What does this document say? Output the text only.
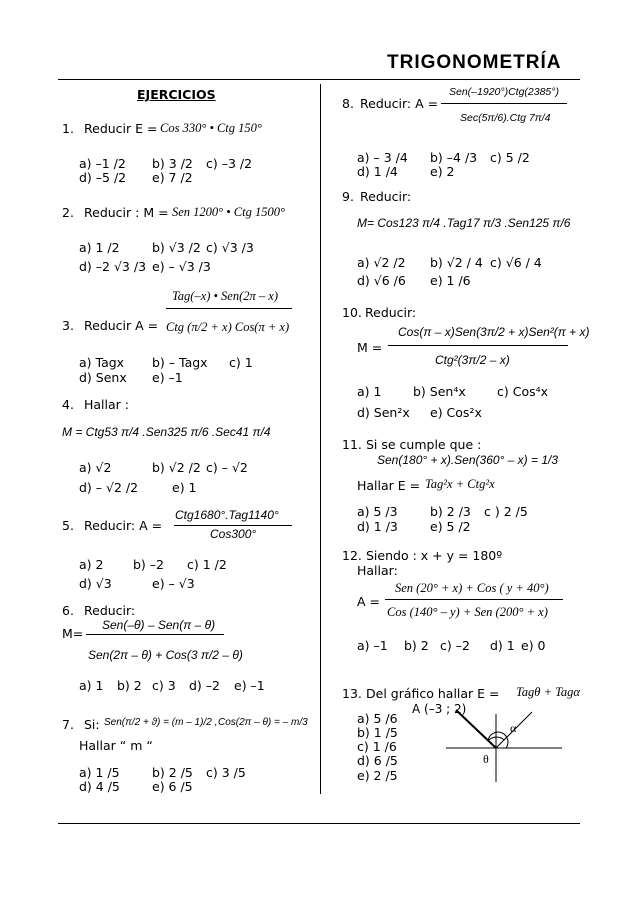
TRIGONOMETRÍA
EJERCICIOS
1. Reducir E = Cos 330° • Ctg 150°
a) –1 /2 b) 3 /2 c) –3 /2
d) –5 /2 e) 7 /2
2. Reducir : M = Sen 1200° • Ctg 1500°
a) 1 /2	b) √3 /2 c) √3 /3
d) –2 √3 /3 e) – √3 /3
3. Reducir A =
Tag(–x) • Sen(2π – x)
Ctg (π/2 + x) Cos(π + x)
a) Tagx b) – Tagx c) 1
d) Senx e) –1
4. Hallar :
M = Ctg53 π/4 .Sen325 π/6 .Sec41 π/4
a) √2	b) √2 /2 c) – √2
d) – √2 /2	e) 1
5. Reducir: A =
Ctg1680°.Tag1140°
Cos300°
a) 2 b) –2 c) 1 /2
d) √3	e) – √3
6. Reducir:
M=
Sen(–θ) – Sen(π – θ)
Sen(2π – θ) + Cos(3 π/2 – θ)
a) 1 b) 2 c) 3 d) –2 e) –1
7. Si: Sen(π/2 + ϑ) = (m – 1)/2 , Cos(2π – θ) = – m/3
Hallar “ m “
a) 1 /5	b) 2 /5 c) 3 /5
d) 4 /5	e) 6 /5
8. Reducir: A =
Sen(–1920°)Ctg(2385°)
Sec(5π/6).Ctg 7π/4
a) – 3 /4 b) –4 /3 c) 5 /2
d) 1 /4	e) 2
9. Reducir:
M= Cos123 π/4 .Tag17 π/3 .Sen125 π/6
a) √2 /2 b) √2 / 4 c) √6 / 4
d) √6 /6 e) 1 /6
10. Reducir:
M =
Cos(π – x)Sen(3π/2 + x)Sen²(π + x)
Ctg²(3π/2 – x)
a) 1	b) Sen⁴x	c) Cos⁴x
d) Sen²x e) Cos²x
11. Si se cumple que :
Sen(180° + x).Sen(360° – x) = 1/3
Hallar E = Tag²x + Ctg²x
a) 5 /3	b) 2 /3 c ) 2 /5
d) 1 /3	e) 5 /2
12. Siendo : x + y = 180º
Hallar:
A =
Sen (20° + x) + Cos ( y + 40°)
Cos (140° – y) + Sen (200° + x)
a) –1 b) 2 c) –2 d) 1 e) 0
13. Del gráfico hallar E = Tagθ + Tagα
a) 5 /6
b) 1 /5
c) 1 /6
d) 6 /5
e) 2 /5
A (–3 ; 2)
α
θ
